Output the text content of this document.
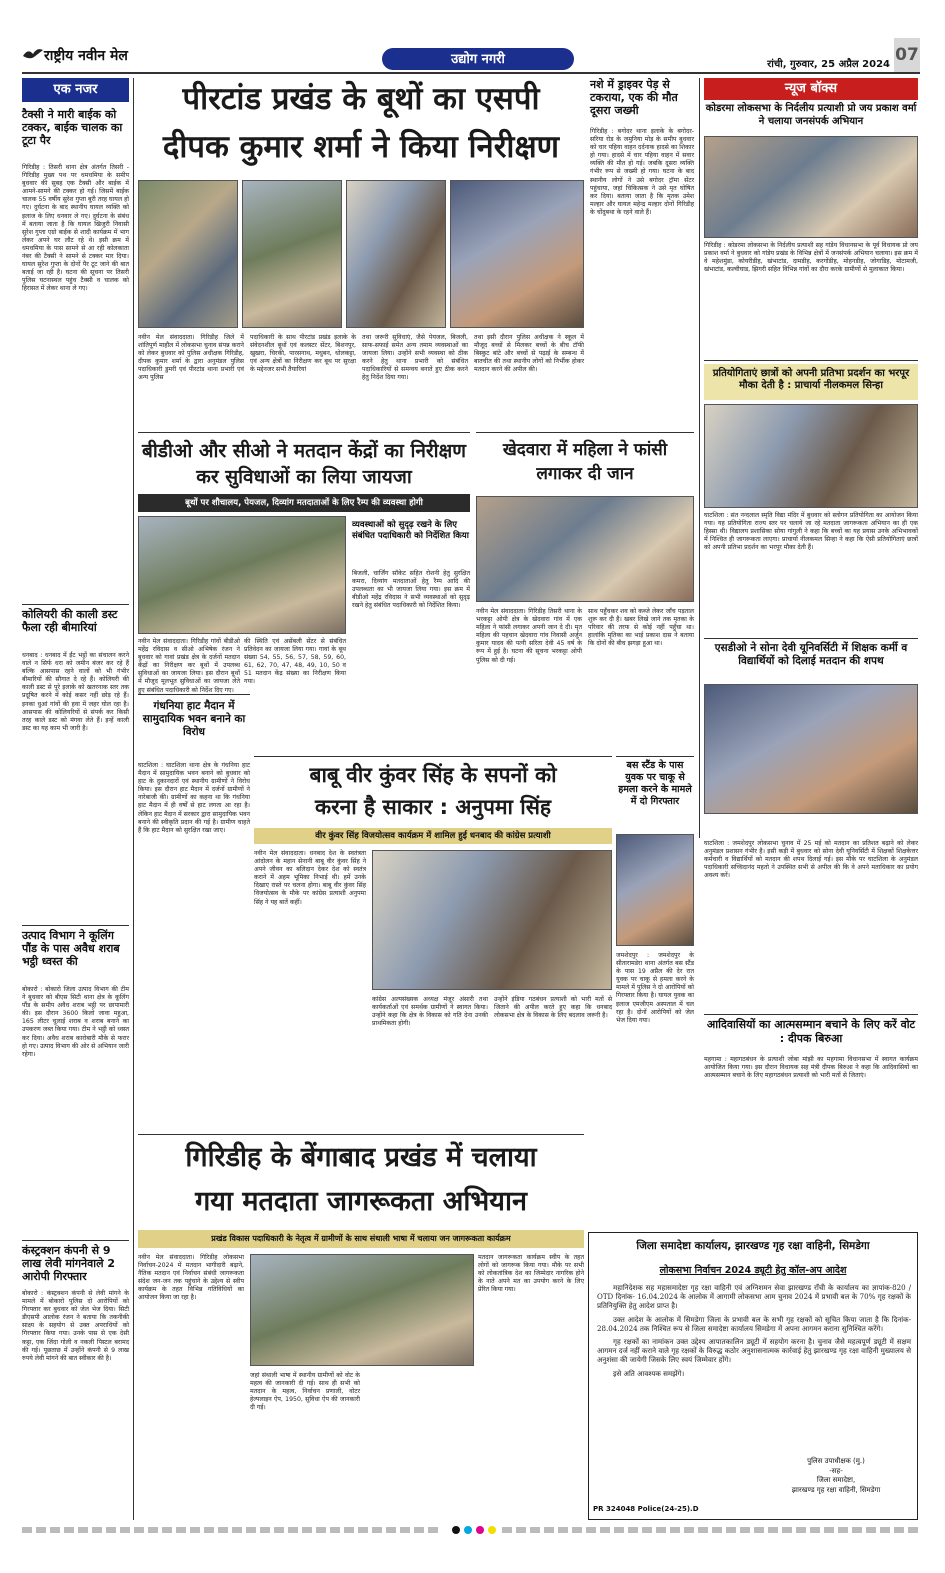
राष्ट्रीय नवीन मेल	उद्योग नगरी	रांची, गुरुवार, 25 अप्रैल 2024 07
एक नजर
टैक्सी ने मारी बाईक को टक्कर, बाईक चालक का टूटा पैर
गिरिडीह : तिसरी थाना क्षेत्र अंतर्गत तिसरी - गिरिडीह मुख्य पथ पर धमधमिया के समीप बुधवार की सुबह एक टैक्सी और बाईक में आमने-सामने की टक्कर हो गई। जिसमें बाईक चालक 55 वर्षीय सुरेश गुप्ता बुरी तरह घायल हो गए। दुर्घटना के बाद स्थानीय घायल व्यक्ति को इलाज के लिए धनवार ले गए। दुर्घटना के संबंध में बताया जाता है कि घायल खिजुरी निवासी सुरेश गुप्ता एग्रो बाईक से शादी कार्यक्रम में भाग लेकर अपने घर लौट रहे थे। इसी क्रम में धमधमिया के पास सामने से आ रही कोलकाता नंबर की टैक्सी ने सामने से टक्कर मार दिया। घायल सुरेश गुप्ता के दोनों पैर टूट जाने की बात बताई जा रही है। घटना की सूचना पर तिसरी पुलिस घटनास्थल पहुंच टैक्सी व चालक को हिरासत में लेकर थाना ले गए।
कोलियरी की काली डस्ट फैला रही बीमारियां
धनबाद : धनबाद में ईंट भट्ठों का संचालन करने वाले न सिर्फ धरा को जमीन बंजर कर रहे हैं बल्कि आसपास रहने वालों को भी गंभीर बीमारियों की सौगात दे रहे हैं। कोलियरी की काली डस्ट से पूरे इलाके को खतरनाक स्तर तक प्रदूषित करने में कोई कसर नहीं छोड़ रहे हैं। इनका धुआं गांवों की हवा में जहर घोल रहा है। आसपास की कोलियरियों से संपर्क कर किसी तरह काले डस्ट को मंगवा लेते हैं। इन्हें काली डस्ट का यह काम भी जारी है।
उत्पाद विभाग ने कूलिंग पौंड के पास अवैध शराब भट्ठी ध्वस्त की
बोकारो : बोकारो जिला उत्पाद विभाग की टीम ने बुधवार को बीएस सिटी थाना क्षेत्र के कूलिंग पौंड के समीप अवैध शराब भट्ठी पर छापामारी की। इस दौरान 3600 किलो जावा महुआ, 165 लीटर चुलाई शराब व शराब बनाने का उपकरण जब्त किया गया। टीम ने भट्ठी को ध्वस्त कर दिया। अवैध शराब कारोबारी मौके से फरार हो गए। उत्पाद विभाग की ओर से अभियान जारी रहेगा।
कंस्ट्रक्शन कंपनी से 9 लाख लेवी मांगनेवाले 2 आरोपी गिरफ्तार
बोकारो : कंस्ट्रक्शन कंपनी से लेवी मांगने के मामले में बोकारो पुलिस दो आरोपियों को गिरफ्तार कर बुधवार को जेल भेज दिया। सिटी डीएसपी आलोक रंजन ने बताया कि तकनीकी साक्ष्य के सहयोग से उक्त अपराधियों को गिरफ्तार किया गया। उनके पास से एक देसी कट्टा, एक जिंदा गोली व नकली पिस्टल बरामद की गई। पूछताछ में उन्होंने कंपनी से 9 लाख रुपये लेवी मांगने की बात स्वीकार की है।
पीरटांड प्रखंड के बूथों का एसपी
दीपक कुमार शर्मा ने किया निरीक्षण
नवीन मेल संवाददाता। गिरिडीह जिले में शांतिपूर्ण माहौल में लोकसभा चुनाव संपन्न कराने को लेकर बुधवार को पुलिस अधीक्षक गिरिडीह, दीपक कुमार शर्मा के द्वारा अनुमंडल पुलिस पदाधिकारी डुमरी एवं पीरटांड थाना प्रभारी एवं अन्य पुलिस
पदाधिकारी के साथ पीरटांड प्रखंड इलाके के संवेदनशील बूथों एवं कलस्टर सेंटर, बिशनपुर, खुखरा, चिरकी, पारसनाथ, मधुबन, धोलकट्टा, एवं अन्य क्षेत्रों का निरीक्षण कर बूथ पर सुरक्षा के मद्देनजर सभी तैयारियां
तथा जरूरी सुविधाएं, जैसे पेयजल, बिजली, साफ-सफाई समेत अन्य तमाम व्यवस्थाओं का जायजा लिया। उन्होंने सभी व्यवस्था को ठीक करने हेतु थाना प्रभारी को संबंधित पदाधिकारियों से समन्वय बनाते हुए ठीक करने हेतु निर्देश दिया गया।
तथा इसी दौरान पुलिस अधीक्षक ने स्कूल में मौजूद बच्चों से मिलकर बच्चों के बीच टॉफी बिस्कुट बांटे और बच्चों से पढ़ाई के सम्बन्ध में बातचीत की तथा स्थानीय लोगों को निर्भीक होकर मतदान करने की अपील की।
नशे में ड्राइवर पेड़ से टकराया, एक की मौत दूसरा जख्मी
गिरिडीह : बगोदर थाना इलाके के बगोदर-सरिया रोड के जमुनिया मोड़ के समीप बुधवार को चार पहिया वाहन दर्दनाक हादसे का शिकार हो गया। हादसे में चार पहिया वाहन में सवार व्यक्ति की मौत हो गई। जबकि दूसरा व्यक्ति गंभीर रूप से जख्मी हो गया। घटना के बाद स्थानीय लोगों ने उसे बगोदर ट्रॉमा सेंटर पहुंचाया, जहां चिकित्सक ने उसे मृत घोषित कर दिया। बताया जाता है कि मृतक उमेश मल्हार और घायल महेन्द्र मल्हार दोनों गिरिडीह के चोंदुबथा के रहने वाले हैं।
न्यूज बॉक्स
कोडरमा लोकसभा के निर्दलीय प्रत्याशी प्रो जय प्रकाश वर्मा ने चलाया जनसंपर्क अभियान
गिरिडीह : कोडरमा लोकसभा के निर्दलीय प्रत्याशी सह गांडेय विधानसभा के पूर्व विधायक प्रो जय प्रकाश वर्मा ने बुधवार को गांडेय प्रखंड के विभिन्न क्षेत्रों में जनसंपर्क अभियान चलाया। इस क्रम में वे महेशमुंडा, कोयरीडीह, खंभाटांड, दामडीह, करगोंडीह, मोहनडीह, जोगाडिह, मोटामजी, खंभाटांड, कल्वीघाड, झिगरी सहित विभिन्न गांवों का दौरा करके ग्रामीणों से मुलाकात किया।
प्रतियोगिताएं छात्रों को अपनी प्रतिभा प्रदर्शन का भरपूर मौका देती है : प्राचार्या नीलकमल सिन्हा
घाटशिला : संत नन्दलाल स्मृति विद्या मंदिर में बुधवार को स्लोगन प्रतियोगिता का आयोजन किया गया। यह प्रतियोगिता राज्य स्तर पर चलाये जा रहे मतदाता जागरूकता अभियान का ही एक हिस्सा थी। विद्यालय प्रशासिका सोया गांगुली ने कहा कि बच्चों का यह प्रयास उनके अभिभावकों में निश्चित ही जागरूकता लाएगा। प्राचार्या नीलकमल सिन्हा ने कहा कि ऐसी प्रतियोगिताएं छात्रों को अपनी प्रतिभा प्रदर्शन का भरपूर मौका देती हैं।
एसडीओ ने सोना देवी यूनिवर्सिटी में शिक्षक कर्मी व विद्यार्थियों को दिलाई मतदान की शपथ
बीडीओ और सीओ ने मतदान केंद्रों का निरीक्षण कर सुविधाओं का लिया जायजा
बूथों पर शौचालय, पेयजल, दिव्यांग मतदाताओं के लिए रैम्प की व्यवस्था होगी
व्यवस्थाओं को सुदृढ़ रखने के लिए संबंधित पदाधिकारी को निर्देशित किया
बिजली, चार्जिंग सॉकेट सहित रोशनी हेतु सुरक्षित कमरा, दिव्यांग मतदाताओं हेतु रैम्प आदि की उपलब्धता का भी जायजा लिया गया। इस क्रम में बीडीओ महेंद्र रविदास ने सभी व्यवस्थाओं को सुदृढ़ रखने हेतु संबंधित पदाधिकारी को निर्देशित किया।
नवीन मेल संवाददाता। गिरिडीह गांवों बीडीओ महेंद्र रविदास व सीओ अभिषेक रंजन ने बुधवार को गावां प्रखंड क्षेत्र के दर्जनों मतदान केंद्रों का निरीक्षण कर बूथों में उपलब्ध सुविधाओं का जायजा लिया। इस दौरान बूथों में मौजूद मूलभूत सुविधाओं का जायजा लेते हुए संबंधित पदाधिकारी को निर्देश दिए गए।
की स्थिति एवं असेंबली सेंटर से संबंधित प्रतिवेदन का जायजा लिया गया। गावां के बूथ संख्या 54, 55, 56, 57, 58, 59, 60, 61, 62, 70, 47, 48, 49, 10, 50 व 51 मतदान केंद्र संख्या का निरीक्षण किया गया।
खेदवारा में महिला ने फांसी लगाकर दी जान
नवीन मेल संवाददाता। गिरिडीह तिसरी थाना के भरकट्टा ओपी क्षेत्र के खेदवारा गांव में एक महिला ने फांसी लगाकर अपनी जान दे दी। मृत महिला की पहचान खेदवारा गांव निवासी अर्जुन कुमार यादव की पत्नी सरिता देवी 45 वर्ष के रूप में हुई है। घटना की सूचना भरकट्टा ओपी पुलिस को दी गई।
साथ पहुँचकर शव को कब्जे लेकर जाँच पड़ताल शुरू कर दी है। खबर लिखे जाने तक मृतका के परिवार की तरफ से कोई नहीं पहुँचा था। हालांकि मृतिका का भाई प्रकाश दास ने बताया कि दोनों की बीच झगड़ा हुआ था।
गंधनिया हाट मैदान में सामुदायिक भवन बनाने का विरोध
घाटशिला : घाटशिला थाना क्षेत्र के गंधनिया हाट मैदान में सामुदायिक भवन बनाने को बुधवार को हाट के दुकानदारों एवं स्थानीय ग्रामीणों ने विरोध किया। इस दौरान हाट मैदान में दर्जनों ग्रामीणों ने नारेबाजी की। ग्रामीणों का कहना था कि गंधनिया हाट मैदान में ही वर्षों से हाट लगता आ रहा है। लेकिन हाट मैदान में सरकार द्वारा सामुदायिक भवन बनाने की स्वीकृति प्रदान की गई है। ग्रामीण चाहते हैं कि हाट मैदान को सुरक्षित रखा जाए।
बाबू वीर कुंवर सिंह के सपनों को
करना है साकार : अनुपमा सिंह
वीर कुंवर सिंह विजयोत्सव कार्यक्रम में शामिल हुई धनबाद की कांग्रेस प्रत्याशी
नवीन मेल संवाददाता। धनबाद देश के स्वतंत्रता आंदोलन के महान सेनानी बाबू वीर कुंवर सिंह ने अपने जीवन का बलिदान देकर देश को स्वतंत्र कराने में अहम भूमिका निभाई थी। हमें उनके दिखाए रास्ते पर चलना होगा। बाबू वीर कुंवर सिंह विजयोत्सव के मौके पर कांग्रेस प्रत्याशी अनुपमा सिंह ने यह बातें कहीं।
कांग्रेस अल्पसंख्यक अध्यक्ष मंजूर अंसारी तथा कार्यकर्ताओं एवं समर्थक ग्रामीणों ने स्वागत किया। उन्होंने कहा कि क्षेत्र के विकास को गति देना उनकी प्राथमिकता होगी।
उन्होंने इंडिया गठबंधन प्रत्याशी को भारी मतों से जिताने की अपील करते हुए कहा कि धनबाद लोकसभा क्षेत्र के विकास के लिए बदलाव जरूरी है।
बस स्टैंड के पास युवक पर चाकू से हमला करने के मामले में दो गिरफ्तार
जमशेदपुर : जमशेदपुर के सीतारामडेरा थाना अंतर्गत बस स्टैंड के पास 19 अप्रैल की देर रात युवक पर चाकू से हमला करने के मामले में पुलिस ने दो आरोपियों को गिरफ्तार किया है। घायल युवक का इलाज एमजीएम अस्पताल में चल रहा है। दोनों आरोपियों को जेल भेज दिया गया।
घाटशिला : जमशेदपुर लोकसभा चुनाव में 25 मई को मतदान का प्रतिशत बढ़ाने को लेकर अनुमंडल प्रशासन गंभीर है। इसी कड़ी में बुधवार को सोना देवी यूनिवर्सिटी में शिक्षकों शिक्षकेत्तर कर्मचारी व विद्यार्थियों को मतदान की शपथ दिलाई गई। इस मौके पर घाटशिला के अनुमंडल पदाधिकारी सच्चिदानंद महतो ने उपस्थित सभी से अपील की कि वे अपने मताधिकार का प्रयोग अवश्य करें।
आदिवासियों का आत्मसम्मान बचाने के लिए करें वोट : दीपक बिरुआ
महगामा : महागठबंधन के प्रत्याशी जोबा मांझी का महगामा विधानसभा में स्वागत कार्यक्रम आयोजित किया गया। इस दौरान विधायक सह मंत्री दीपक बिरुआ ने कहा कि आदिवासियों का आत्मसम्मान बचाने के लिए महागठबंधन प्रत्याशी को भारी मतों से जिताएं।
गिरिडीह के बेंगाबाद प्रखंड में चलाया
गया मतदाता जागरूकता अभियान
प्रखंड विकास पदाधिकारी के नेतृत्व में ग्रामीणों के साथ संथाली भाषा में चलाया जन जागरूकता कार्यक्रम
नवीन मेल संवाददाता। गिरिडीह लोकसभा निर्वाचन-2024 में मतदान भागीदारी बढ़ाने, नैतिक मतदान एवं निर्वाचन संबंधी जागरूकता संदेश जन-जन तक पहुंचाने के उद्देश्य से स्वीप कार्यक्रम के तहत विभिन्न गतिविधियों का आयोजन किया जा रहा है।
जहां संथाली भाषा में स्थानीय ग्रामीणों को वोट के महत्व की जानकारी दी गई। साथ ही सभी को मतदान के महत्व, निर्वाचन प्रणाली, वोटर हेल्पलाइन ऐप, 1950, सुविधा ऐप की जानकारी दी गई।
मतदान जागरूकता कार्यक्रम स्वीप के तहत लोगों को जागरूक किया गया। मौके पर सभी को लोकतांत्रिक देश का जिम्मेदार नागरिक होने के नाते अपने मत का उपयोग करने के लिए प्रेरित किया गया।
जिला समादेष्टा कार्यालय, झारखण्ड गृह रक्षा वाहिनी, सिमडेगा
लोकसभा निर्वाचन 2024 ड्यूटी हेतु कॉल-अप आदेश

महानिदेशक सह महासमादेष्टा गृह रक्षा वाहिनी एवं अग्निशमन सेवा झारखण्ड राँची के कार्यालय का ज्ञापांक-820 / OTD दिनांक- 16.04.2024 के आलोक में आगामी लोकसभा आम चुनाव 2024 में प्रभावी बल के 70% गृह रक्षकों के प्रतिनियुक्ति हेतु आदेश प्राप्त है।

उक्त आदेश के आलोक में सिमडेगा जिला के प्रभावी बल के सभी गृह रक्षकों को सूचित किया जाता है कि दिनांक- 28.04.2024 तक निश्चित रूप से जिला समादेष्टा कार्यालय सिमडेगा में अपना आगमन कराना सुनिश्चित करेंगे।

गृह रक्षकों का नामांकन उक्त उद्देश्य आपातकालिन ड्यूटी में सहयोग करना है। चुनाव जैसे महत्वपूर्ण ड्यूटी में सक्षम आगमन दर्ज नहीं कराने वाले गृह रक्षकों के विरुद्ध कठोर अनुशासनात्मक कार्रवाई हेतु झारखण्ड गृह रक्षा वाहिनी मुख्यालय से अनुशंसा की जायेगी जिसके लिए स्वयं जिम्मेवार होंगे।

इसे अति आवश्यक समझेंगे।

पुलिस उपाधीक्षक (मु.)
-सह-
जिला समादेष्टा,
झारखण्ड गृह रक्षा वाहिनी, सिमडेगा
PR 324048 Police(24-25).D
